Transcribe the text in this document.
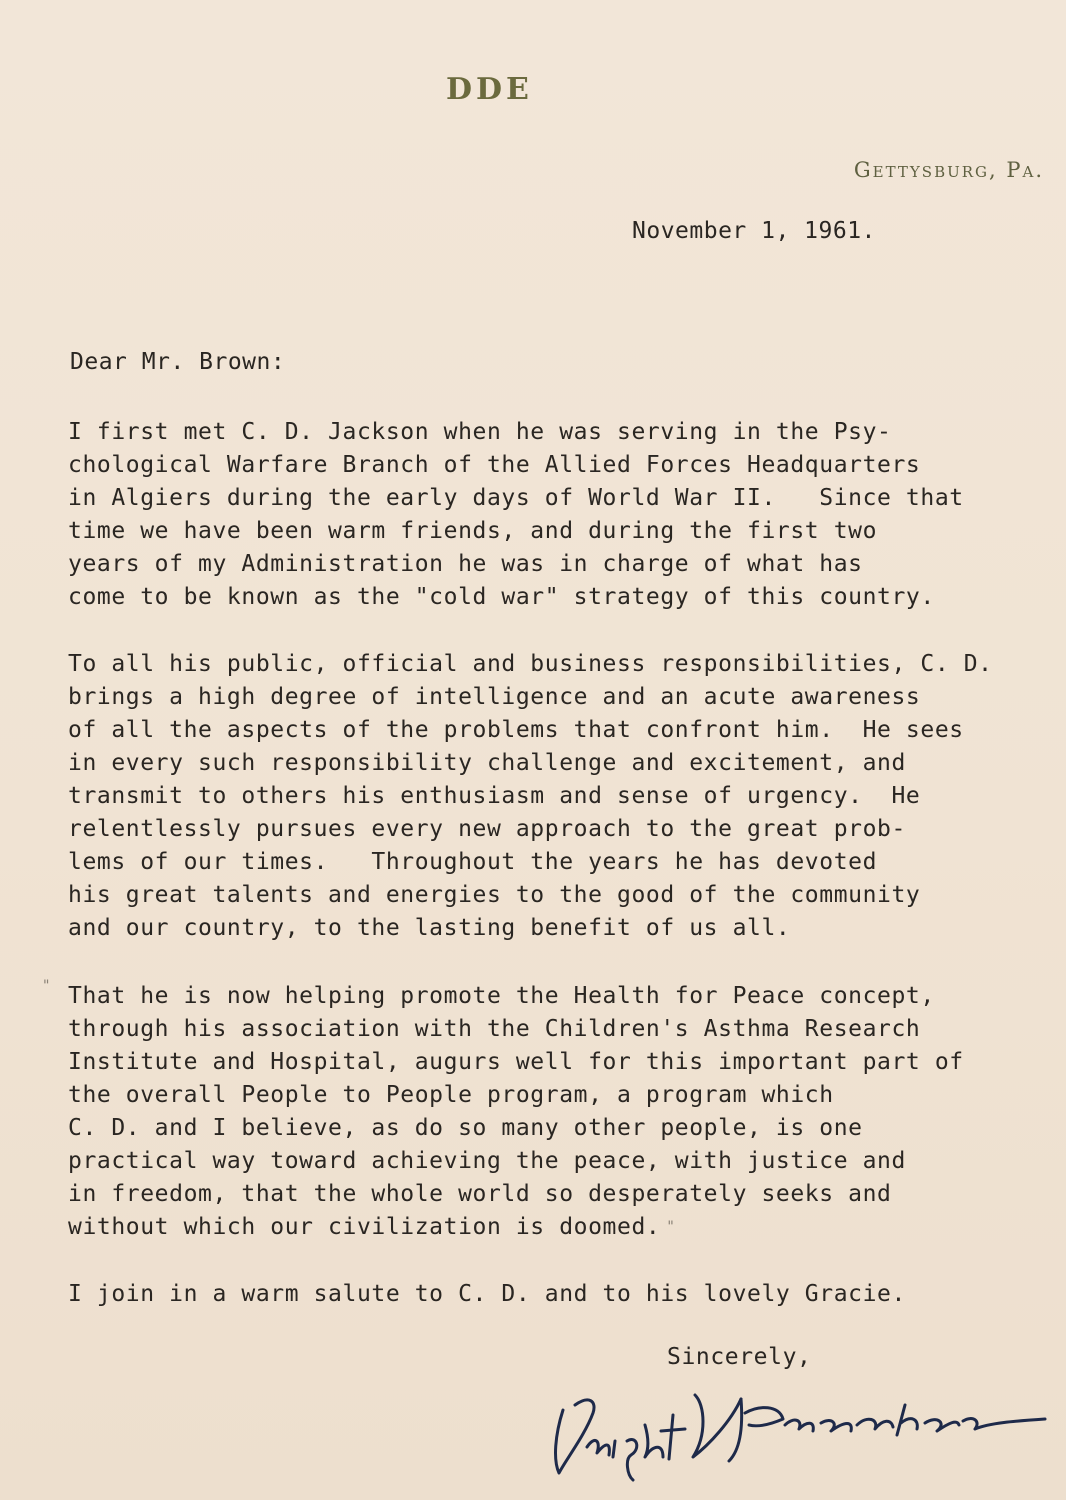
DDE
Gettysburg, Pa.
November 1, 1961.
Dear Mr. Brown:
I first met C. D. Jackson when he was serving in the Psy-
chological Warfare Branch of the Allied Forces Headquarters
in Algiers during the early days of World War II.   Since that
time we have been warm friends, and during the first two
years of my Administration he was in charge of what has
come to be known as the "cold war" strategy of this country.
To all his public, official and business responsibilities, C. D.
brings a high degree of intelligence and an acute awareness
of all the aspects of the problems that confront him.  He sees
in every such responsibility challenge and excitement, and
transmit to others his enthusiasm and sense of urgency.  He
relentlessly pursues every new approach to the great prob-
lems of our times.   Throughout the years he has devoted
his great talents and energies to the good of the community
and our country, to the lasting benefit of us all.
" That he is now helping promote the Health for Peace concept,
through his association with the Children's Asthma Research
Institute and Hospital, augurs well for this important part of
the overall People to People program, a program which
C. D. and I believe, as do so many other people, is one
practical way toward achieving the peace, with justice and
in freedom, that the whole world so desperately seeks and
without which our civilization is doomed. "
I join in a warm salute to C. D. and to his lovely Gracie.
Sincerely,
